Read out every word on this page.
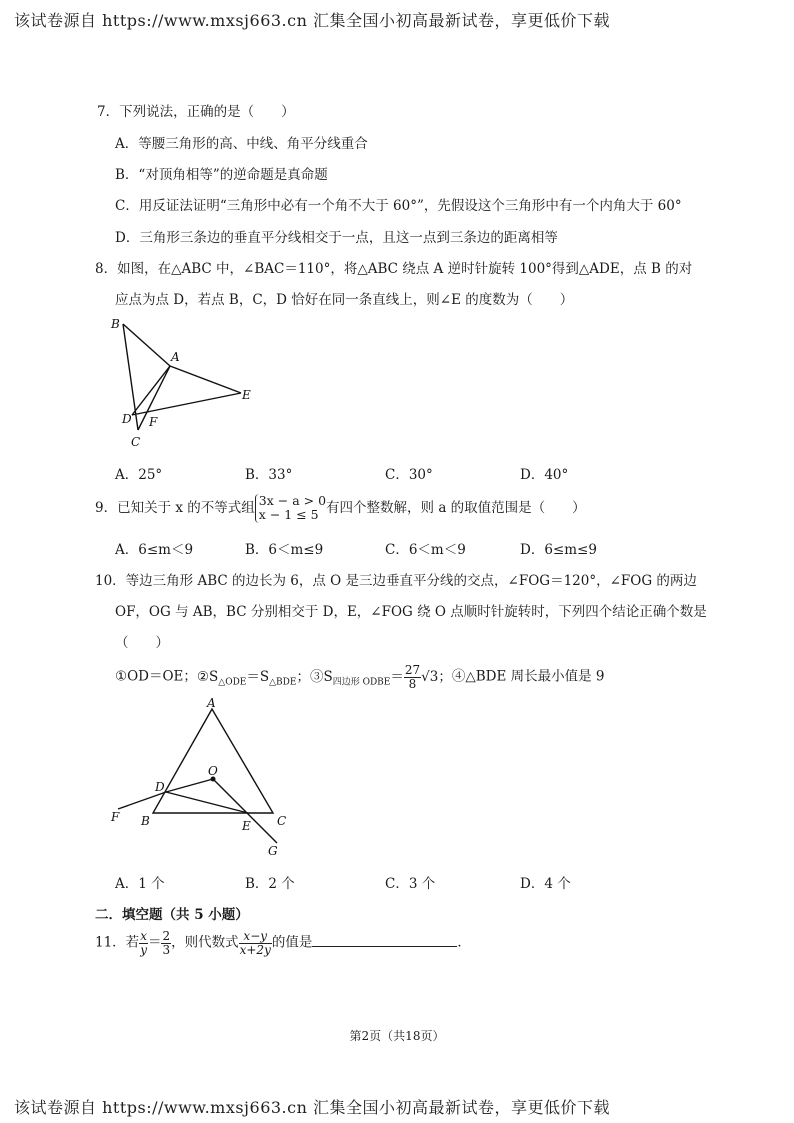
该试卷源自 https://www.mxsj663.cn 汇集全国小初高最新试卷，享更低价下载
7．下列说法，正确的是（　　）
A．等腰三角形的高、中线、角平分线重合
B．“对顶角相等”的逆命题是真命题
C．用反证法证明“三角形中必有一个角不大于 60°”，先假设这个三角形中有一个内角大于 60°
D．三角形三条边的垂直平分线相交于一点，且这一点到三条边的距离相等
8．如图，在△ABC 中，∠BAC＝110°，将△ABC 绕点 A 逆时针旋转 100°得到△ADE，点 B 的对
应点为点 D，若点 B，C，D 恰好在同一条直线上，则∠E 的度数为（　　）
B
A
E
D F
C
A．25°	B．33°	C．30°	D．40°
9．已知关于 x 的不等式组 3x − a > 0
x − 1 ≤ 5 有四个整数解，则 a 的取值范围是（　　）
A．6≤m＜9	B．6＜m≤9	C．6＜m＜9	D．6≤m≤9
10．等边三角形 ABC 的边长为 6，点 O 是三边垂直平分线的交点，∠FOG＝120°，∠FOG 的两边
OF，OG 与 AB，BC 分别相交于 D，E，∠FOG 绕 O 点顺时针旋转时，下列四个结论正确个数是
（　　）
①OD＝OE；$②S_{\triangle ODE}=S_{\triangle BDE}$；$③S_{四边形 ODBE}= \frac{27}{8} √3$；④△BDE 周长最小值是 9
A
O
D
F B	E C
G
A．1 个	B．2 个	C．3 个	D．4 个
二．填空题（共 5 小题）
11．若 $\frac{x}{y} = \frac{2}{3}$ ，则代数式 $\frac{x-y}{x+2y}$ 的值是	．
第2页（共18页）
该试卷源自 https://www.mxsj663.cn 汇集全国小初高最新试卷，享更低价下载
